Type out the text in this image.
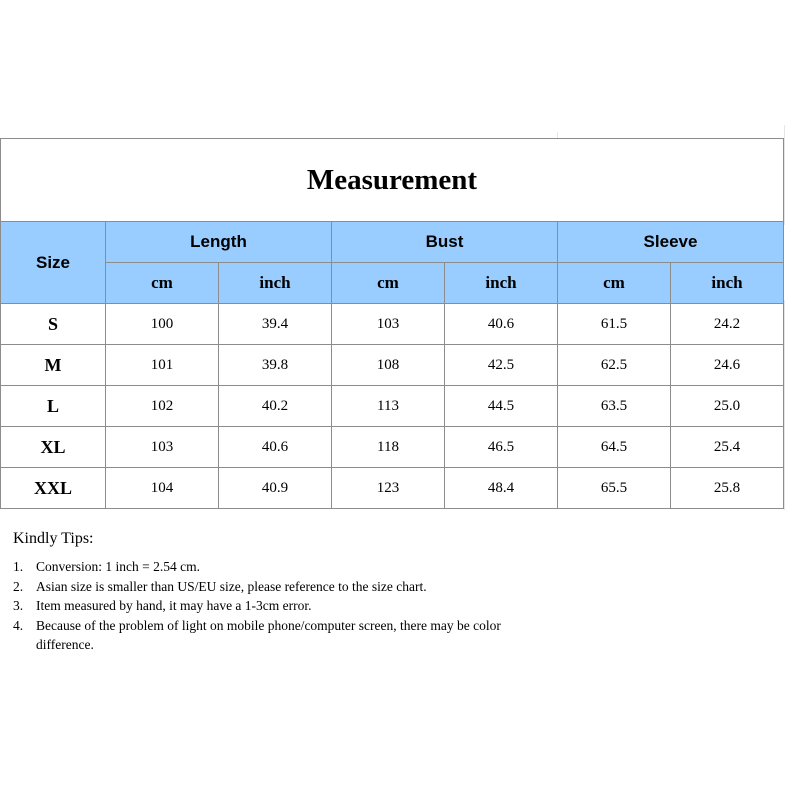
Measurement						
Size	Length		Bust		Sleeve	
	cm	inch	cm	inch	cm	inch
S	100	39.4	103	40.6	61.5	24.2
M	101	39.8	108	42.5	62.5	24.6
L	102	40.2	113	44.5	63.5	25.0
XL	103	40.6	118	46.5	64.5	25.4
XXL	104	40.9	123	48.4	65.5	25.8
Kindly Tips:
1. Conversion: 1 inch = 2.54 cm.
2. Asian size is smaller than US/EU size, please reference to the size chart.
3. Item measured by hand, it may have a 1-3cm error.
4. Because of the problem of light on mobile phone/computer screen, there may be color difference.
